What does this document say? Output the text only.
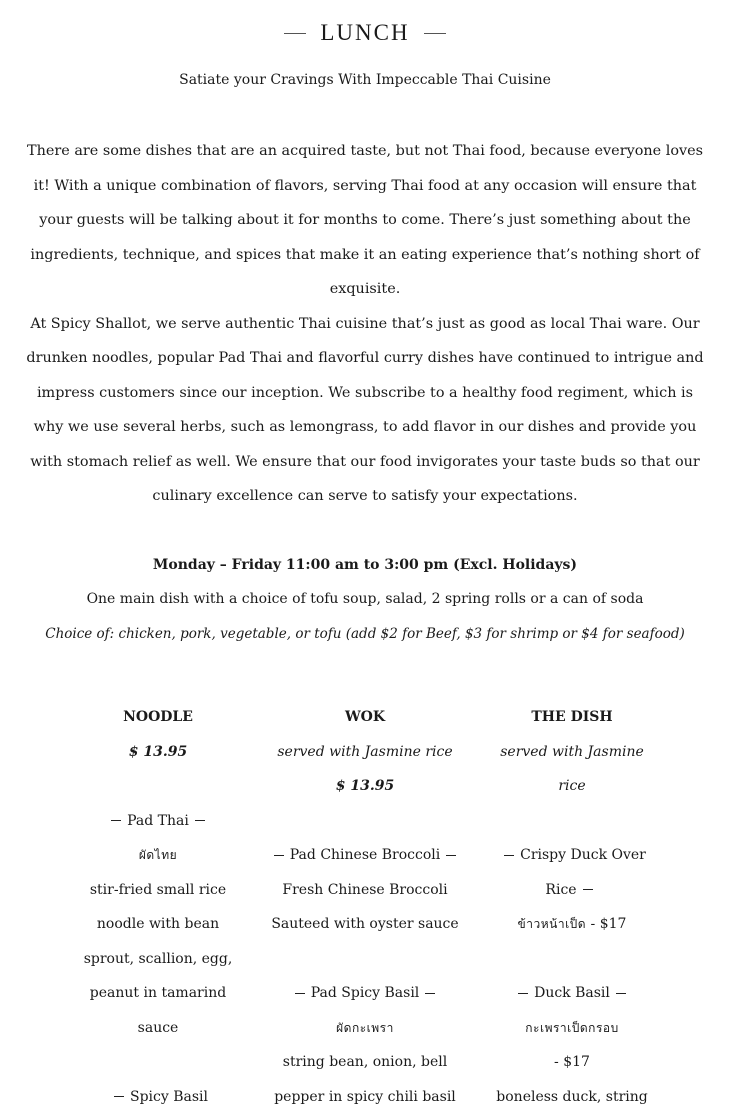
LUNCH
Satiate your Cravings With Impeccable Thai Cuisine
There are some dishes that are an acquired taste, but not Thai food, because everyone loves it! With a unique combination of flavors, serving Thai food at any occasion will ensure that your guests will be talking about it for months to come. There’s just something about the ingredients, technique, and spices that make it an eating experience that’s nothing short of exquisite.
At Spicy Shallot, we serve authentic Thai cuisine that’s just as good as local Thai ware. Our drunken noodles, popular Pad Thai and flavorful curry dishes have continued to intrigue and impress customers since our inception. We subscribe to a healthy food regiment, which is why we use several herbs, such as lemongrass, to add flavor in our dishes and provide you with stomach relief as well. We ensure that our food invigorates your taste buds so that our culinary excellence can serve to satisfy your expectations.
Monday – Friday 11:00 am to 3:00 pm (Excl. Holidays)
One main dish with a choice of tofu soup, salad, 2 spring rolls or a can of soda
Choice of: chicken, pork, vegetable, or tofu (add $2 for Beef, $3 for shrimp or $4 for seafood)
NOODLE
$ 13.95
Pad Thai
ผัดไทย
stir-fried small rice noodle with bean sprout, scallion, egg, peanut in tamarind sauce
Spicy Basil
WOK
served with Jasmine rice
$ 13.95
Pad Chinese Broccoli
Fresh Chinese Broccoli
Sauteed with oyster sauce
Pad Spicy Basil
ผัดกะเพรา
string bean, onion, bell pepper in spicy chili basil
THE DISH
served with Jasmine rice
Crispy Duck Over Rice
ข้าวหน้าเป็ด - $17
Duck Basil
กะเพราเป็ดกรอบ
- $17
boneless duck, string
